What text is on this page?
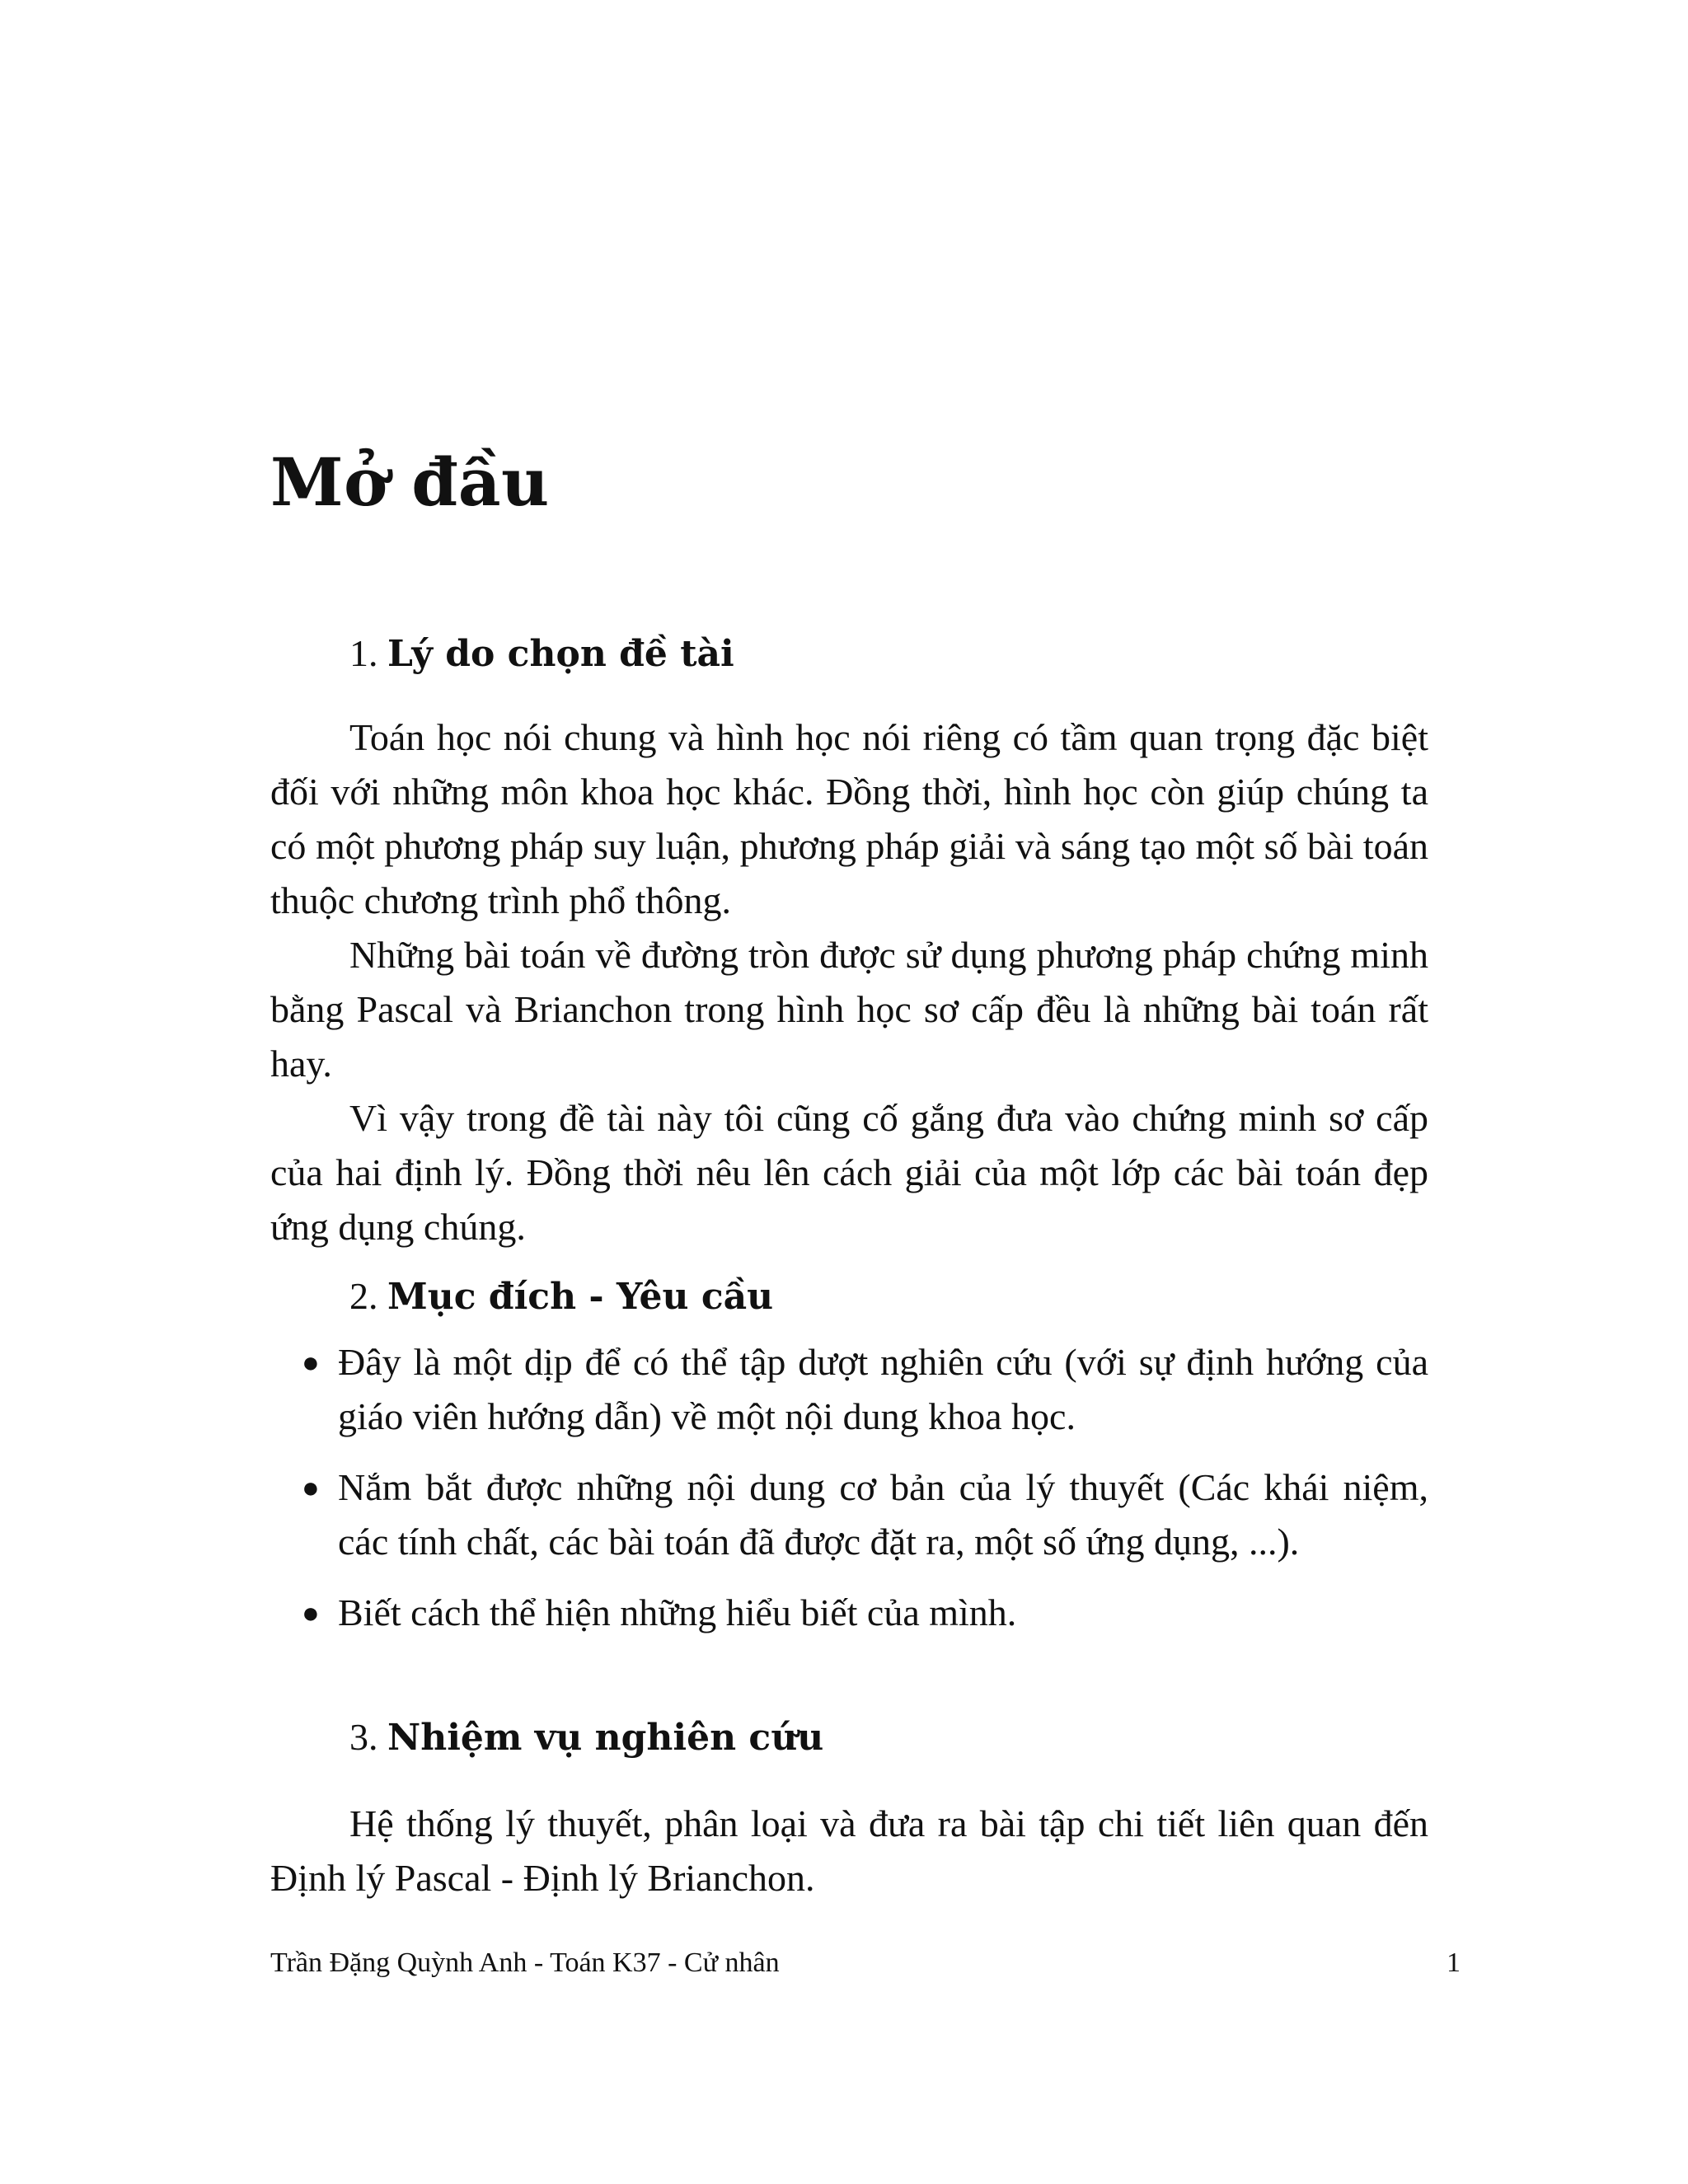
Mở đầu
1. Lý do chọn đề tài

Toán học nói chung và hình học nói riêng có tầm quan trọng đặc biệt đối với những môn khoa học khác. Đồng thời, hình học còn giúp chúng ta có một phương pháp suy luận, phương pháp giải và sáng tạo một số bài toán thuộc chương trình phổ thông.

Những bài toán về đường tròn được sử dụng phương pháp chứng minh bằng Pascal và Brianchon trong hình học sơ cấp đều là những bài toán rất hay.

Vì vậy trong đề tài này tôi cũng cố gắng đưa vào chứng minh sơ cấp của hai định lý. Đồng thời nêu lên cách giải của một lớp các bài toán đẹp ứng dụng chúng.

2. Mục đích - Yêu cầu
● Đây là một dịp để có thể tập dượt nghiên cứu (với sự định hướng của giáo viên hướng dẫn) về một nội dung khoa học.
● Nắm bắt được những nội dung cơ bản của lý thuyết (Các khái niệm, các tính chất, các bài toán đã được đặt ra, một số ứng dụng, ...).
● Biết cách thể hiện những hiểu biết của mình.
3. Nhiệm vụ nghiên cứu

Hệ thống lý thuyết, phân loại và đưa ra bài tập chi tiết liên quan đến Định lý Pascal - Định lý Brianchon.

Trần Đặng Quỳnh Anh - Toán K37 - Cử nhân	1
